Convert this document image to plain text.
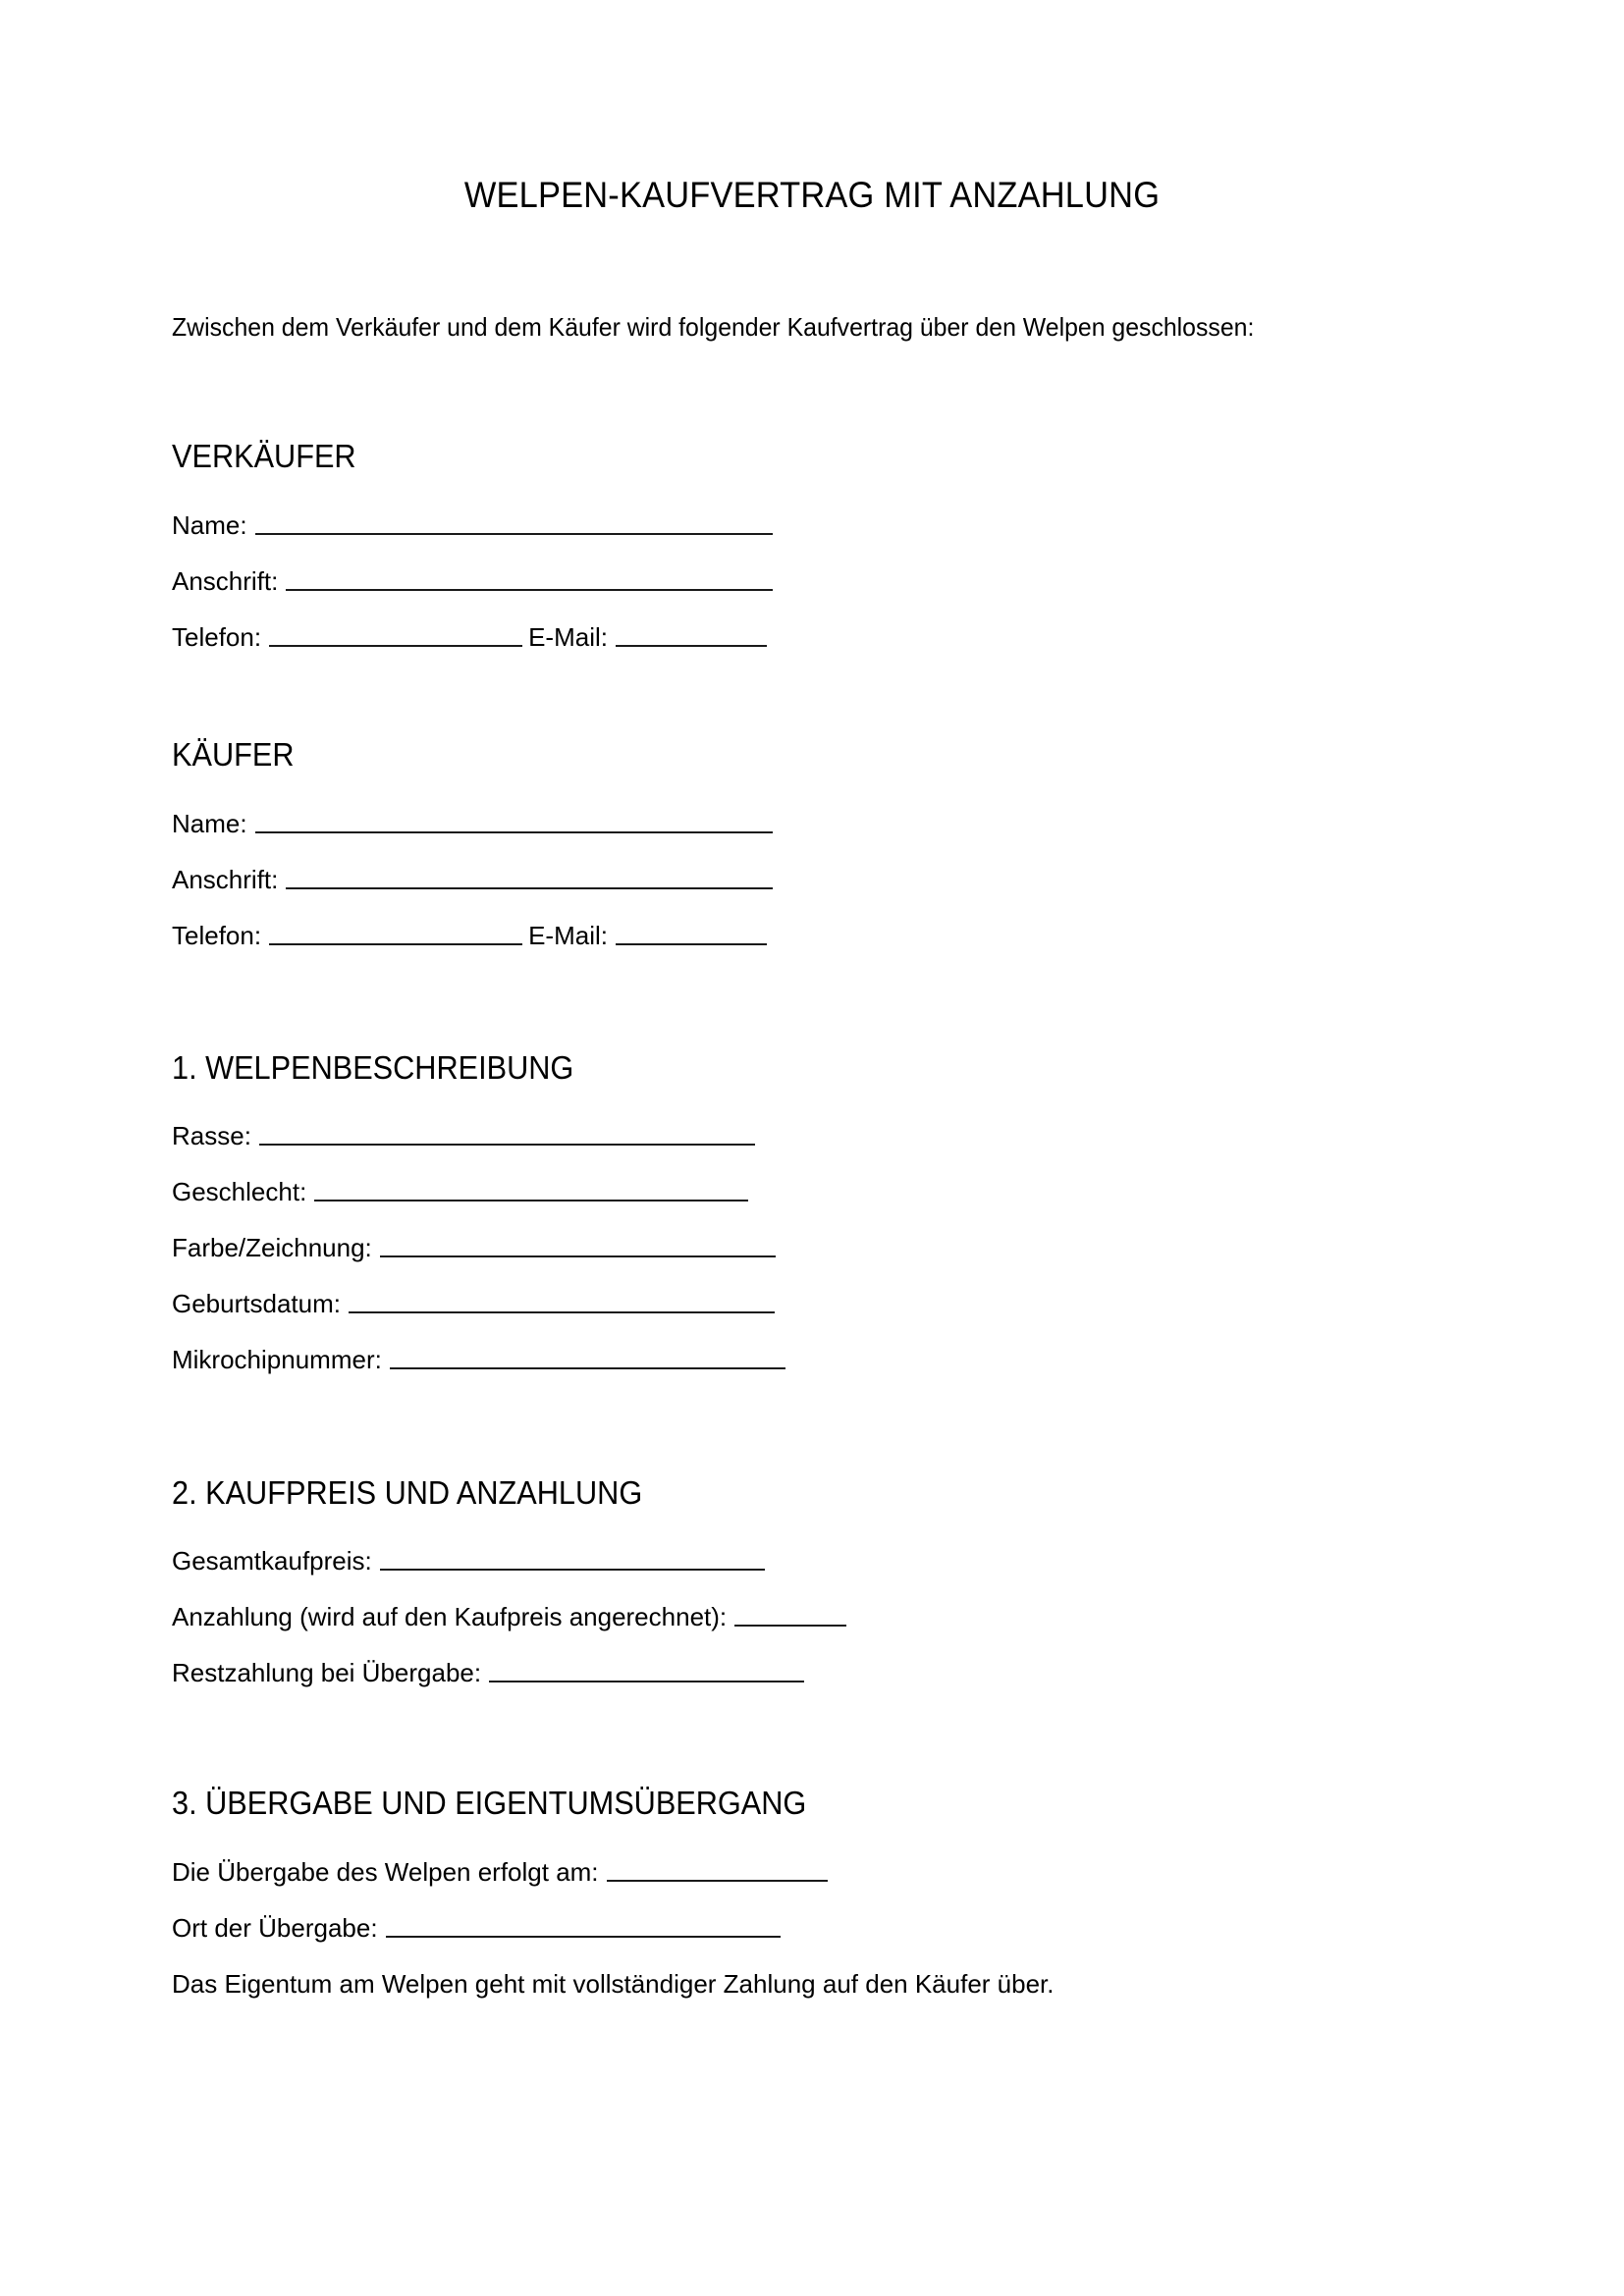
WELPEN-KAUFVERTRAG MIT ANZAHLUNG

Zwischen dem Verkäufer und dem Käufer wird folgender Kaufvertrag über den Welpen geschlossen:

VERKÄUFER
Name:
Anschrift:
Telefon:	E-Mail:
KÄUFER
Name:
Anschrift:
Telefon:	E-Mail:
1. WELPENBESCHREIBUNG
Rasse:
Geschlecht:
Farbe/Zeichnung:
Geburtsdatum:
Mikrochipnummer:
2. KAUFPREIS UND ANZAHLUNG
Gesamtkaufpreis:
Anzahlung (wird auf den Kaufpreis angerechnet):
Restzahlung bei Übergabe:
3. ÜBERGABE UND EIGENTUMSÜBERGANG
Die Übergabe des Welpen erfolgt am:
Ort der Übergabe:

Das Eigentum am Welpen geht mit vollständiger Zahlung auf den Käufer über.
